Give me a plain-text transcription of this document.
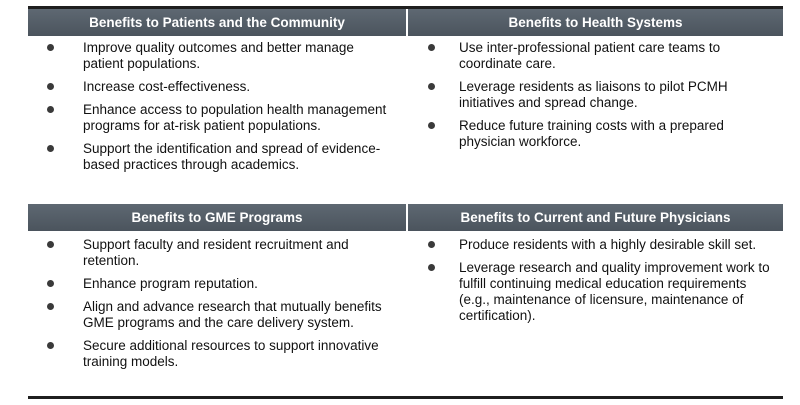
Benefits to Patients and the Community	Benefits to Health Systems
Improve quality outcomes and better manage patient populations.
Increase cost-effectiveness.
Enhance access to population health management programs for at-risk patient populations.
Support the identification and spread of evidence-based practices through academics.
Use inter-professional patient care teams to coordinate care.
Leverage residents as liaisons to pilot PCMH initiatives and spread change.
Reduce future training costs with a prepared physician workforce.
Benefits to GME Programs	Benefits to Current and Future Physicians
Support faculty and resident recruitment and retention.
Enhance program reputation.
Align and advance research that mutually benefits GME programs and the care delivery system.
Secure additional resources to support innovative training models.
Produce residents with a highly desirable skill set.
Leverage research and quality improvement work to fulfill continuing medical education requirements (e.g., maintenance of licensure, maintenance of certification).
